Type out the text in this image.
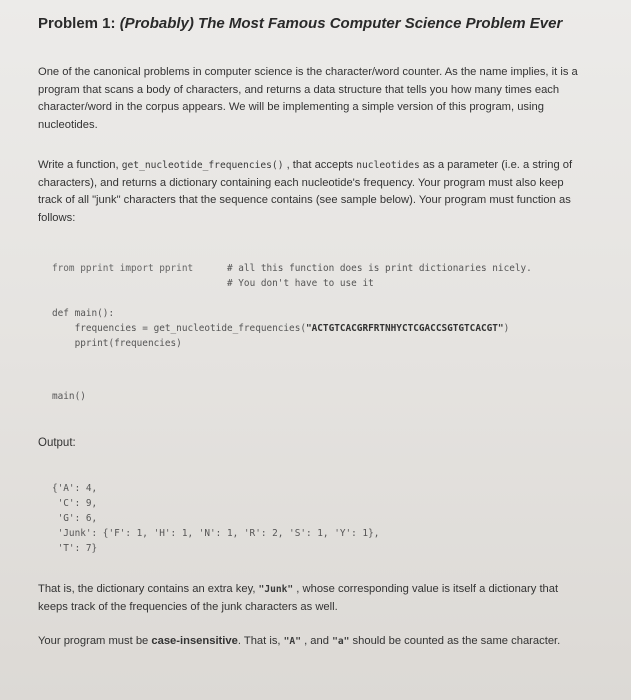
Problem 1: (Probably) The Most Famous Computer Science Problem Ever

One of the canonical problems in computer science is the character/word counter. As the name implies, it is a program that scans a body of characters, and returns a data structure that tells you how many times each character/word in the corpus appears. We will be implementing a simple version of this program, using nucleotides.

Write a function, get_nucleotide_frequencies() , that accepts nucleotides as a parameter (i.e. a string of characters), and returns a dictionary containing each nucleotide's frequency. Your program must also keep track of all "junk" characters that the sequence contains (see sample below). Your program must function as follows:

from pprint import pprint	# all this function does is print dictionaries nicely.
# You don't have to use it
def main():
frequencies = get_nucleotide_frequencies("ACTGTCACGRFRTNHYCTCGACCSGTGTCACGT")
pprint(frequencies)
main()

Output:

{'A': 4,
'C': 9,
'G': 6,
'Junk': {'F': 1, 'H': 1, 'N': 1, 'R': 2, 'S': 1, 'Y': 1},
'T': 7}

That is, the dictionary contains an extra key, "Junk" , whose corresponding value is itself a dictionary that keeps track of the frequencies of the junk characters as well.

Your program must be case-insensitive. That is, "A" , and "a" should be counted as the same character.
